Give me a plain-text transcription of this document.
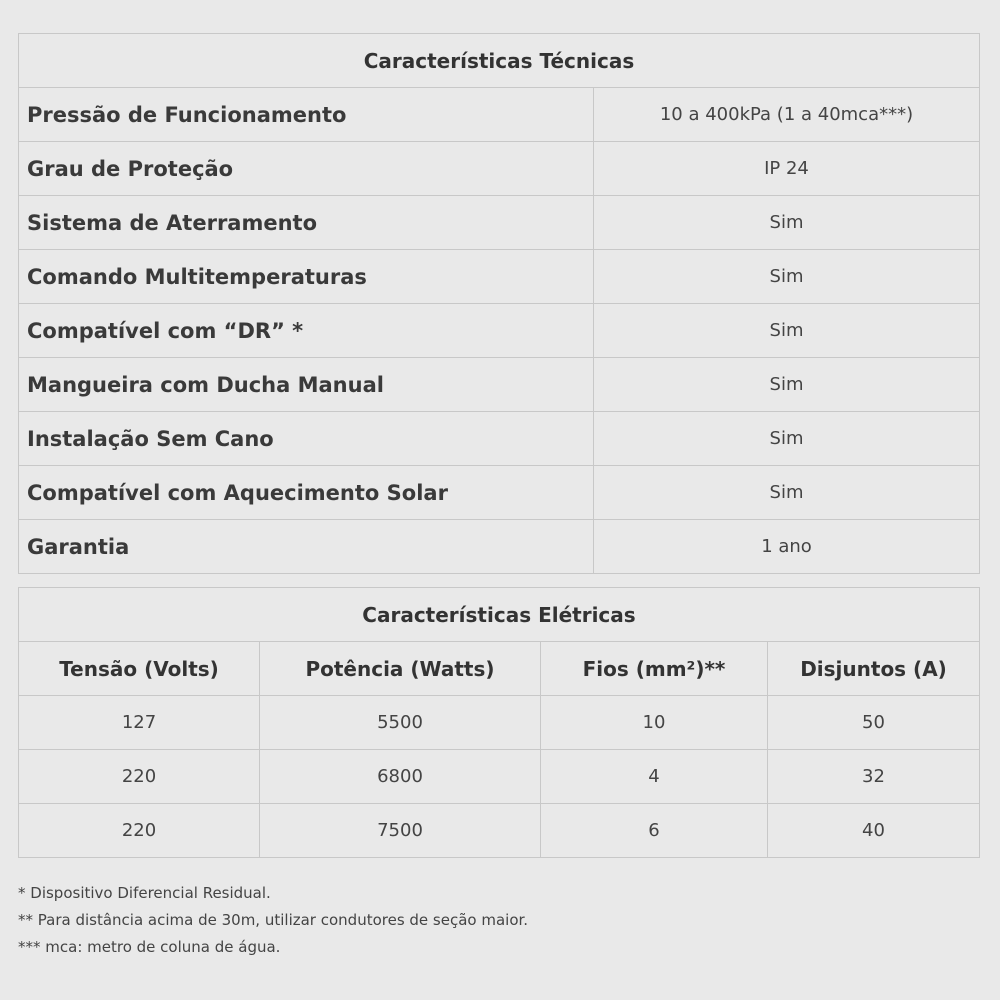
Características Técnicas	
Pressão de Funcionamento	10 a 400kPa (1 a 40mca***)
Grau de Proteção	IP 24
Sistema de Aterramento	Sim
Comando Multitemperaturas	Sim
Compatível com “DR” *	Sim
Mangueira com Ducha Manual	Sim
Instalação Sem Cano	Sim
Compatível com Aquecimento Solar	Sim
Garantia	1 ano
Características Elétricas			
Tensão (Volts)	Potência (Watts)	Fios (mm²)**	Disjuntos (A)
127	5500	10	50
220	6800	4	32
220	7500	6	40
* Dispositivo Diferencial Residual.
** Para distância acima de 30m, utilizar condutores de seção maior.
*** mca: metro de coluna de água.
